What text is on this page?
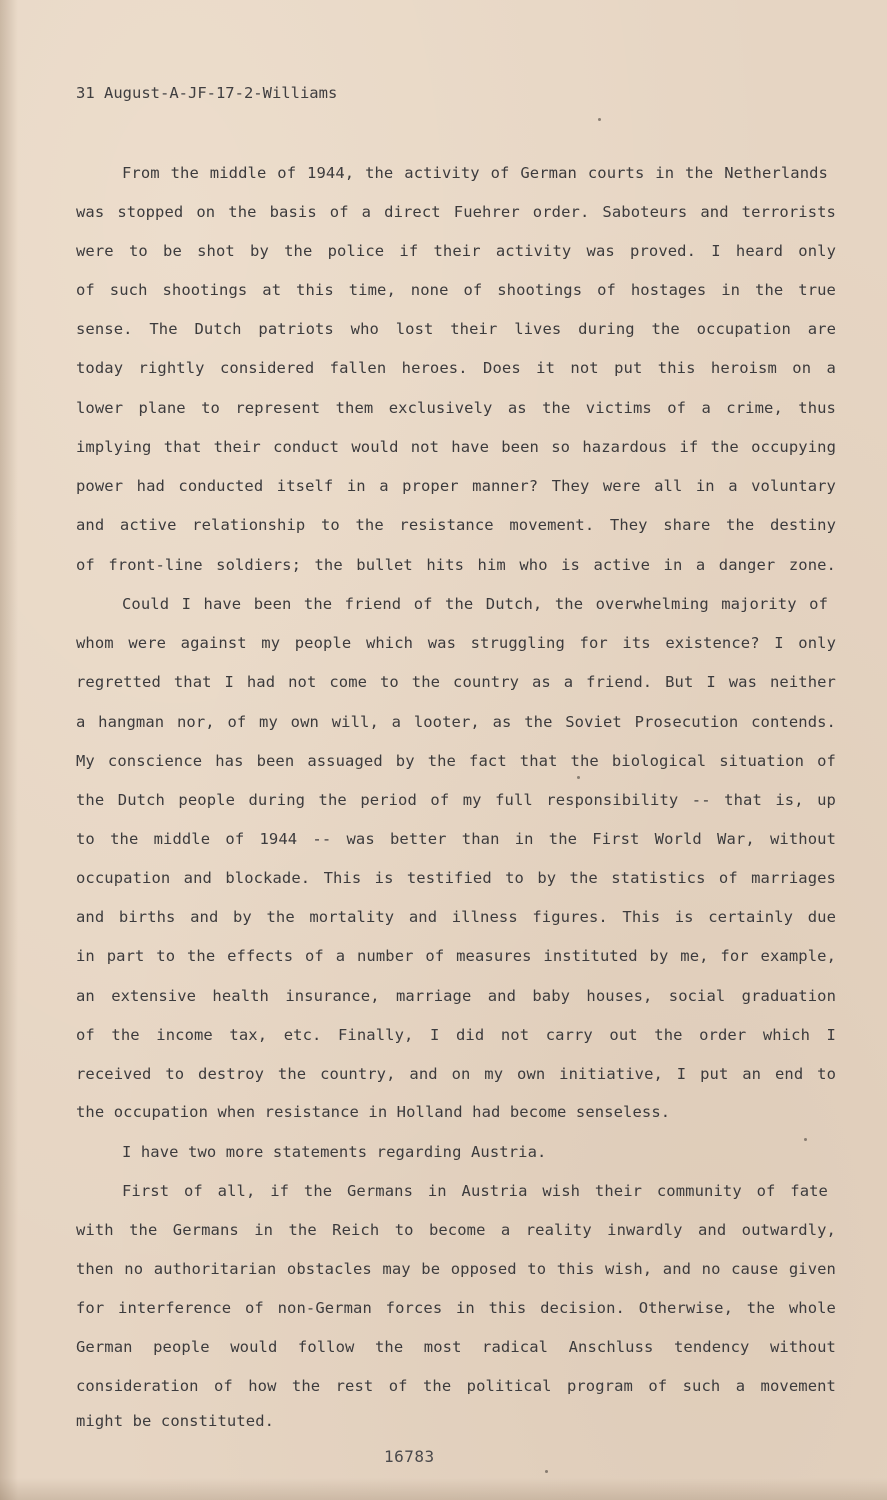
31 August-A-JF-17-2-Williams
From the middle of 1944, the activity of German courts in the Netherlands
was stopped on the basis of a direct Fuehrer order. Saboteurs and terrorists
were to be shot by the police if their activity was proved. I heard only
of such shootings at this time, none of shootings of hostages in the true
sense. The Dutch patriots who lost their lives during the occupation are
today rightly considered fallen heroes. Does it not put this heroism on a
lower plane to represent them exclusively as the victims of a crime, thus
implying that their conduct would not have been so hazardous if the occupying
power had conducted itself in a proper manner? They were all in a voluntary
and active relationship to the resistance movement. They share the destiny
of front-line soldiers; the bullet hits him who is active in a danger zone.
Could I have been the friend of the Dutch, the overwhelming majority of
whom were against my people which was struggling for its existence? I only
regretted that I had not come to the country as a friend. But I was neither
a hangman nor, of my own will, a looter, as the Soviet Prosecution contends.
My conscience has been assuaged by the fact that the biological situation of
the Dutch people during the period of my full responsibility -- that is, up
to the middle of 1944 -- was better than in the First World War, without
occupation and blockade. This is testified to by the statistics of marriages
and births and by the mortality and illness figures. This is certainly due
in part to the effects of a number of measures instituted by me, for example,
an extensive health insurance, marriage and baby houses, social graduation
of the income tax, etc. Finally, I did not carry out the order which I
received to destroy the country, and on my own initiative, I put an end to
the occupation when resistance in Holland had become senseless.
I have two more statements regarding Austria.
First of all, if the Germans in Austria wish their community of fate
with the Germans in the Reich to become a reality inwardly and outwardly,
then no authoritarian obstacles may be opposed to this wish, and no cause given
for interference of non-German forces in this decision. Otherwise, the whole
German people would follow the most radical Anschluss tendency without
consideration of how the rest of the political program of such a movement
might be constituted.
16783
